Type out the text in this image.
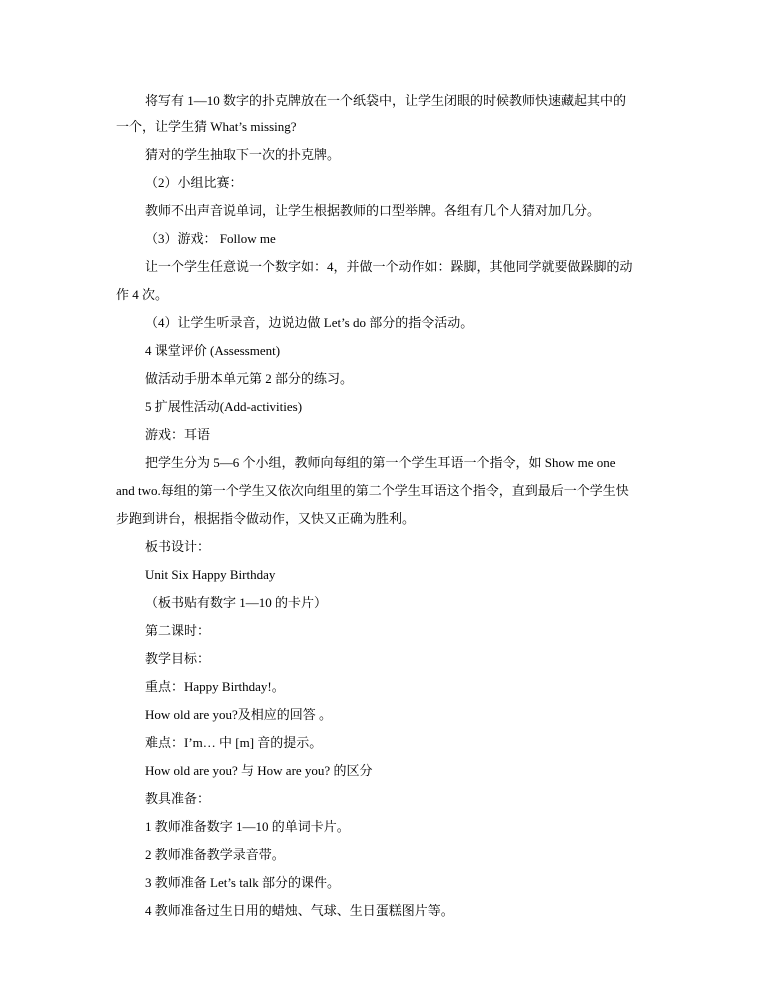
将写有 1—10 数字的扑克牌放在一个纸袋中，让学生闭眼的时候教师快速藏起其中的
一个，让学生猜 What’s missing?
猜对的学生抽取下一次的扑克牌。
（2）小组比赛：
教师不出声音说单词，让学生根据教师的口型举牌。各组有几个人猜对加几分。
（3）游戏： Follow me
让一个学生任意说一个数字如：4，并做一个动作如：跺脚，其他同学就要做跺脚的动
作 4 次。
（4）让学生听录音，边说边做 Let’s do 部分的指令活动。
4 课堂评价 (Assessment)
做活动手册本单元第 2 部分的练习。
5 扩展性活动(Add-activities)
游戏：耳语
把学生分为 5—6 个小组，教师向每组的第一个学生耳语一个指令，如 Show me one
and two.每组的第一个学生又依次向组里的第二个学生耳语这个指令，直到最后一个学生快
步跑到讲台，根据指令做动作，又快又正确为胜利。
板书设计：
Unit Six Happy Birthday
（板书贴有数字 1—10 的卡片）
第二课时：
教学目标：
重点：Happy Birthday!。
How old are you?及相应的回答 。
难点：I’m… 中 [m] 音的提示。
How old are you? 与 How are you? 的区分
教具准备：
1 教师准备数字 1—10 的单词卡片。
2 教师准备教学录音带。
3 教师准备 Let’s talk 部分的课件。
4 教师准备过生日用的蜡烛、气球、生日蛋糕图片等。
